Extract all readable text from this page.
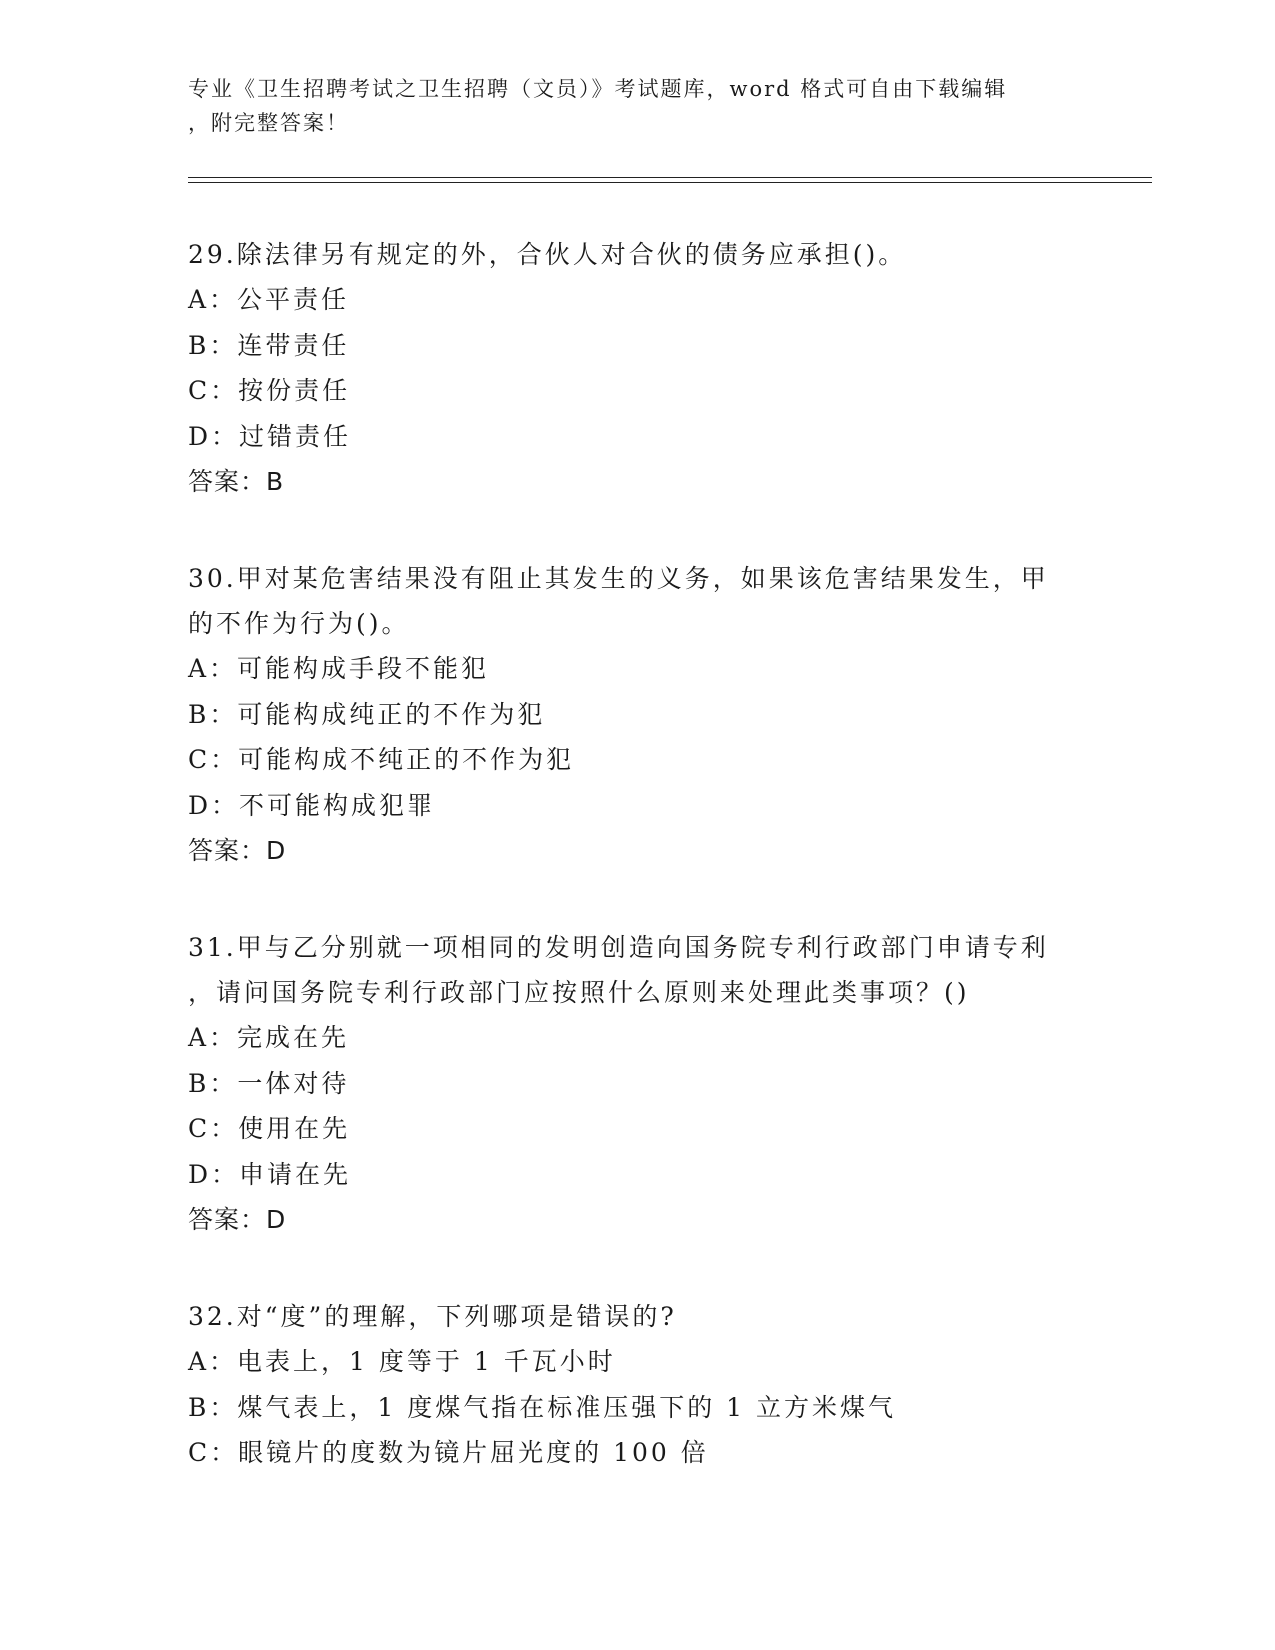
专业《卫生招聘考试之卫生招聘（文员）》考试题库，word 格式可自由下载编辑
，附完整答案！
29.除法律另有规定的外，合伙人对合伙的债务应承担()。
A：公平责任
B：连带责任
C：按份责任
D：过错责任
答案：B
30.甲对某危害结果没有阻止其发生的义务，如果该危害结果发生，甲
的不作为行为()。
A：可能构成手段不能犯
B：可能构成纯正的不作为犯
C：可能构成不纯正的不作为犯
D：不可能构成犯罪
答案：D
31.甲与乙分别就一项相同的发明创造向国务院专利行政部门申请专利
，请问国务院专利行政部门应按照什么原则来处理此类事项？()
A：完成在先
B：一体对待
C：使用在先
D：申请在先
答案：D
32.对“度”的理解，下列哪项是错误的?
A：电表上，1 度等于 1 千瓦小时
B：煤气表上，1 度煤气指在标准压强下的 1 立方米煤气
C：眼镜片的度数为镜片屈光度的 100 倍
